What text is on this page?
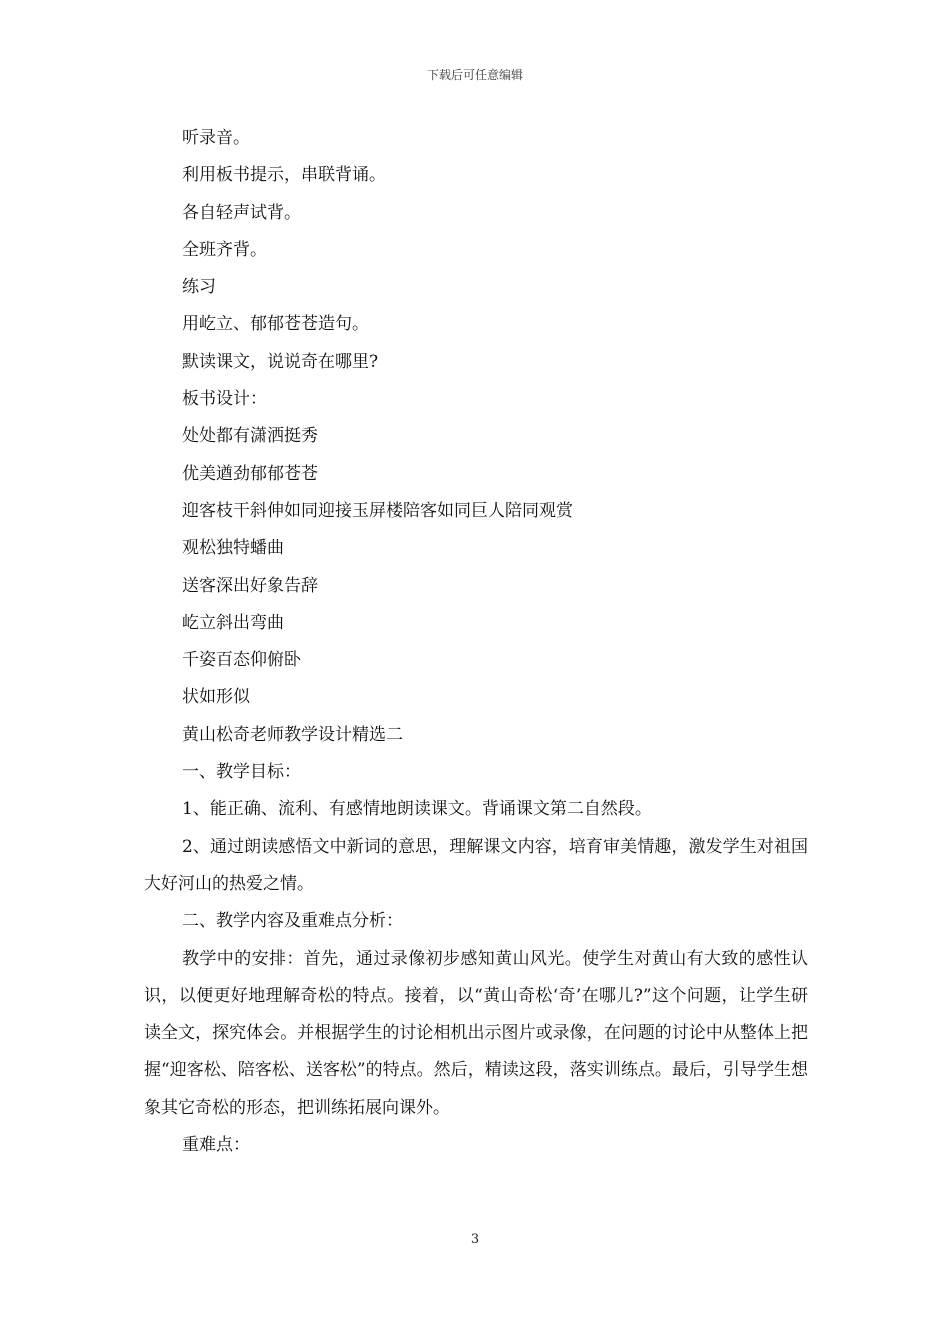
下载后可任意编辑

听录音。

利用板书提示，串联背诵。

各自轻声试背。

全班齐背。

练习

用屹立、郁郁苍苍造句。

默读课文，说说奇在哪里?

板书设计：

处处都有潇洒挺秀

优美遒劲郁郁苍苍

迎客枝干斜伸如同迎接玉屏楼陪客如同巨人陪同观赏

观松独特蟠曲

送客深出好象告辞

屹立斜出弯曲

千姿百态仰俯卧

状如形似

黄山松奇老师教学设计精选二

一、教学目标：

1、能正确、流利、有感情地朗读课文。背诵课文第二自然段。

2、通过朗读感悟文中新词的意思，理解课文内容，培育审美情趣，激发学生对祖国大好河山的热爱之情。

二、教学内容及重难点分析：

教学中的安排：首先，通过录像初步感知黄山风光。使学生对黄山有大致的感性认识，以便更好地理解奇松的特点。接着，以“黄山奇松‘奇’在哪儿?”这个问题，让学生研读全文，探究体会。并根据学生的讨论相机出示图片或录像，在问题的讨论中从整体上把握“迎客松、陪客松、送客松”的特点。然后，精读这段，落实训练点。最后，引导学生想象其它奇松的形态，把训练拓展向课外。

重难点：

3
